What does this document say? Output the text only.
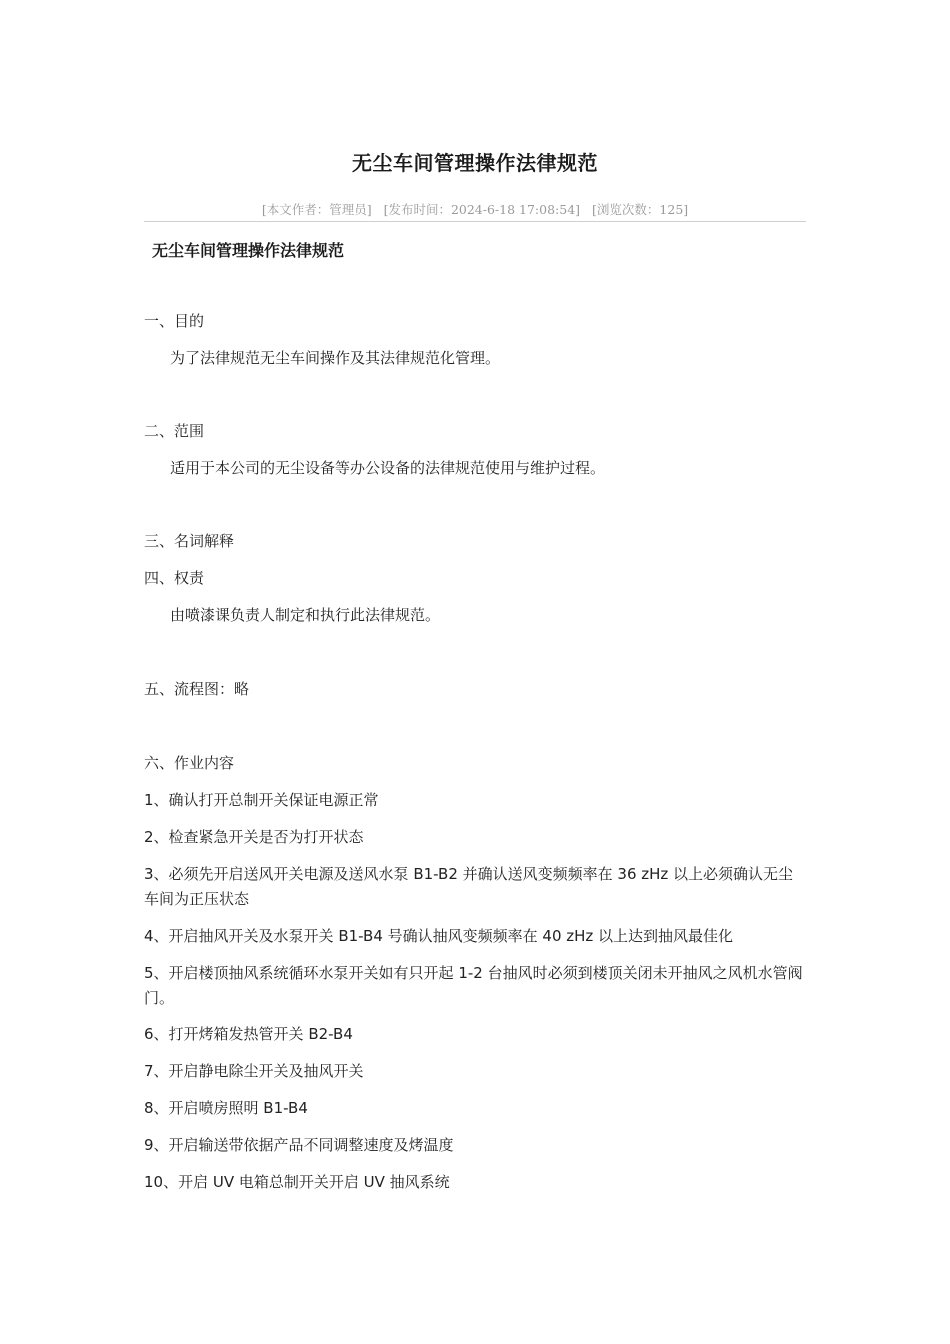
无尘车间管理操作法律规范
[本文作者：管理员] [发布时间：2024-6-18 17:08:54] [浏览次数：125]
无尘车间管理操作法律规范
一、目的
为了法律规范无尘车间操作及其法律规范化管理。
二、范围
适用于本公司的无尘设备等办公设备的法律规范使用与维护过程。
三、名词解释
四、权责
由喷漆课负责人制定和执行此法律规范。
五、流程图：略
六、作业内容
1、确认打开总制开关保证电源正常
2、检查紧急开关是否为打开状态
3、必须先开启送风开关电源及送风水泵 B1-B2 并确认送风变频频率在 36 zHz 以上必须确认无尘车间为正压状态
4、开启抽风开关及水泵开关 B1-B4 号确认抽风变频频率在 40 zHz 以上达到抽风最佳化
5、开启楼顶抽风系统循环水泵开关如有只开起 1-2 台抽风时必须到楼顶关闭未开抽风之风机水管阀门。
6、打开烤箱发热管开关 B2-B4
7、开启静电除尘开关及抽风开关
8、开启喷房照明 B1-B4
9、开启输送带依据产品不同调整速度及烤温度
10、开启 UV 电箱总制开关开启 UV 抽风系统
